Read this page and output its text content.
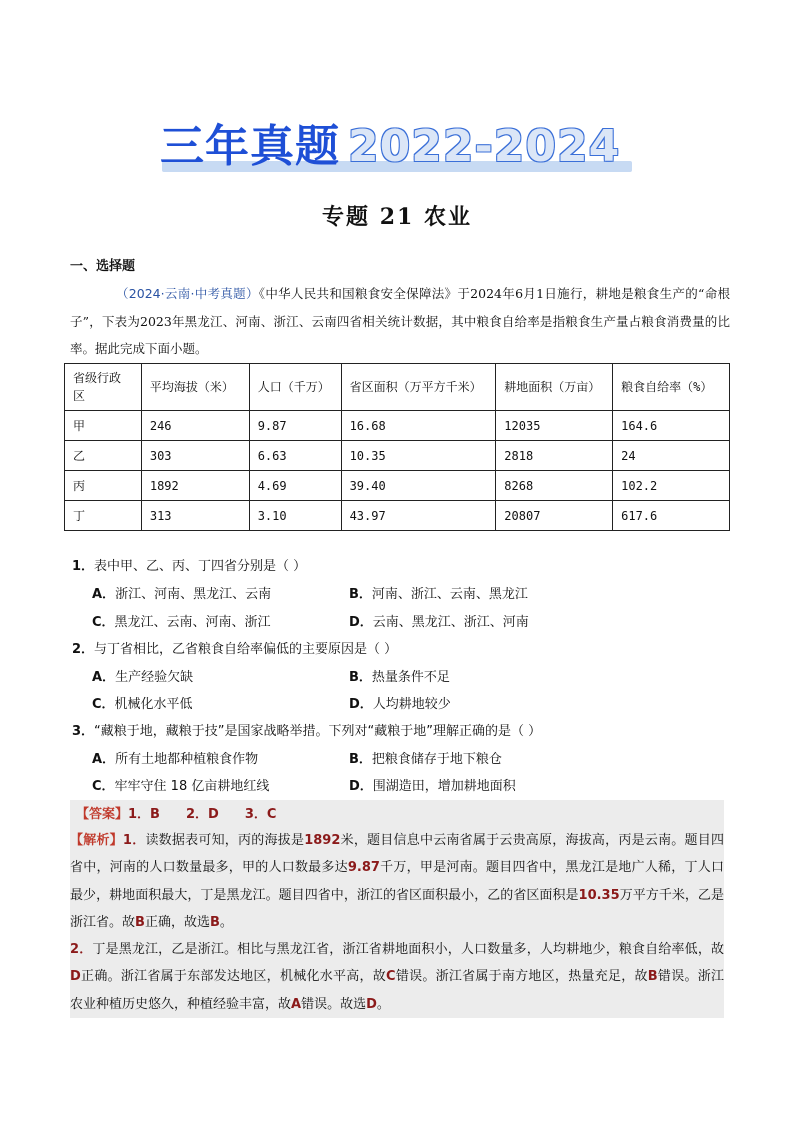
三年真题 2022-2024
专题 21 农业
一、选择题
（2024·云南·中考真题）《中华人民共和国粮食安全保障法》于2024年6月1日施行，耕地是粮食生产的“命根子”，下表为2023年黑龙江、河南、浙江、云南四省相关统计数据，其中粮食自给率是指粮食生产量占粮食消费量的比率。据此完成下面小题。
省级行政区	平均海拔（米）	人口（千万）	省区面积（万平方千米）	耕地面积（万亩）	粮食自给率（%）
甲	246	9.87	16.68	12035	164.6
乙	303	6.63	10.35	2818	24
丙	1892	4.69	39.40	8268	102.2
丁	313	3.10	43.97	20807	617.6
1．表中甲、乙、丙、丁四省分别是（ ）
A．浙江、河南、黑龙江、云南	B．河南、浙江、云南、黑龙江
C．黑龙江、云南、河南、浙江	D．云南、黑龙江、浙江、河南
2．与丁省相比，乙省粮食自给率偏低的主要原因是（ ）
A．生产经验欠缺	B．热量条件不足
C．机械化水平低	D．人均耕地较少
3．“藏粮于地，藏粮于技”是国家战略举措。下列对“藏粮于地”理解正确的是（ ）
A．所有土地都种植粮食作物	B．把粮食储存于地下粮仓
C．牢牢守住 18 亿亩耕地红线	D．围湖造田，增加耕地面积
【答案】1．B 2．D 3．C

【解析】1．读数据表可知，丙的海拔是1892米，题目信息中云南省属于云贵高原，海拔高，丙是云南。题目四省中，河南的人口数量最多，甲的人口数最多达9.87千万，甲是河南。题目四省中，黑龙江是地广人稀，丁人口最少，耕地面积最大，丁是黑龙江。题目四省中，浙江的省区面积最小，乙的省区面积是10.35万平方千米，乙是浙江省。故B正确，故选B。

2．丁是黑龙江，乙是浙江。相比与黑龙江省，浙江省耕地面积小，人口数量多，人均耕地少，粮食自给率低，故D正确。浙江省属于东部发达地区，机械化水平高，故C错误。浙江省属于南方地区，热量充足，故B错误。浙江农业种植历史悠久，种植经验丰富，故A错误。故选D。
